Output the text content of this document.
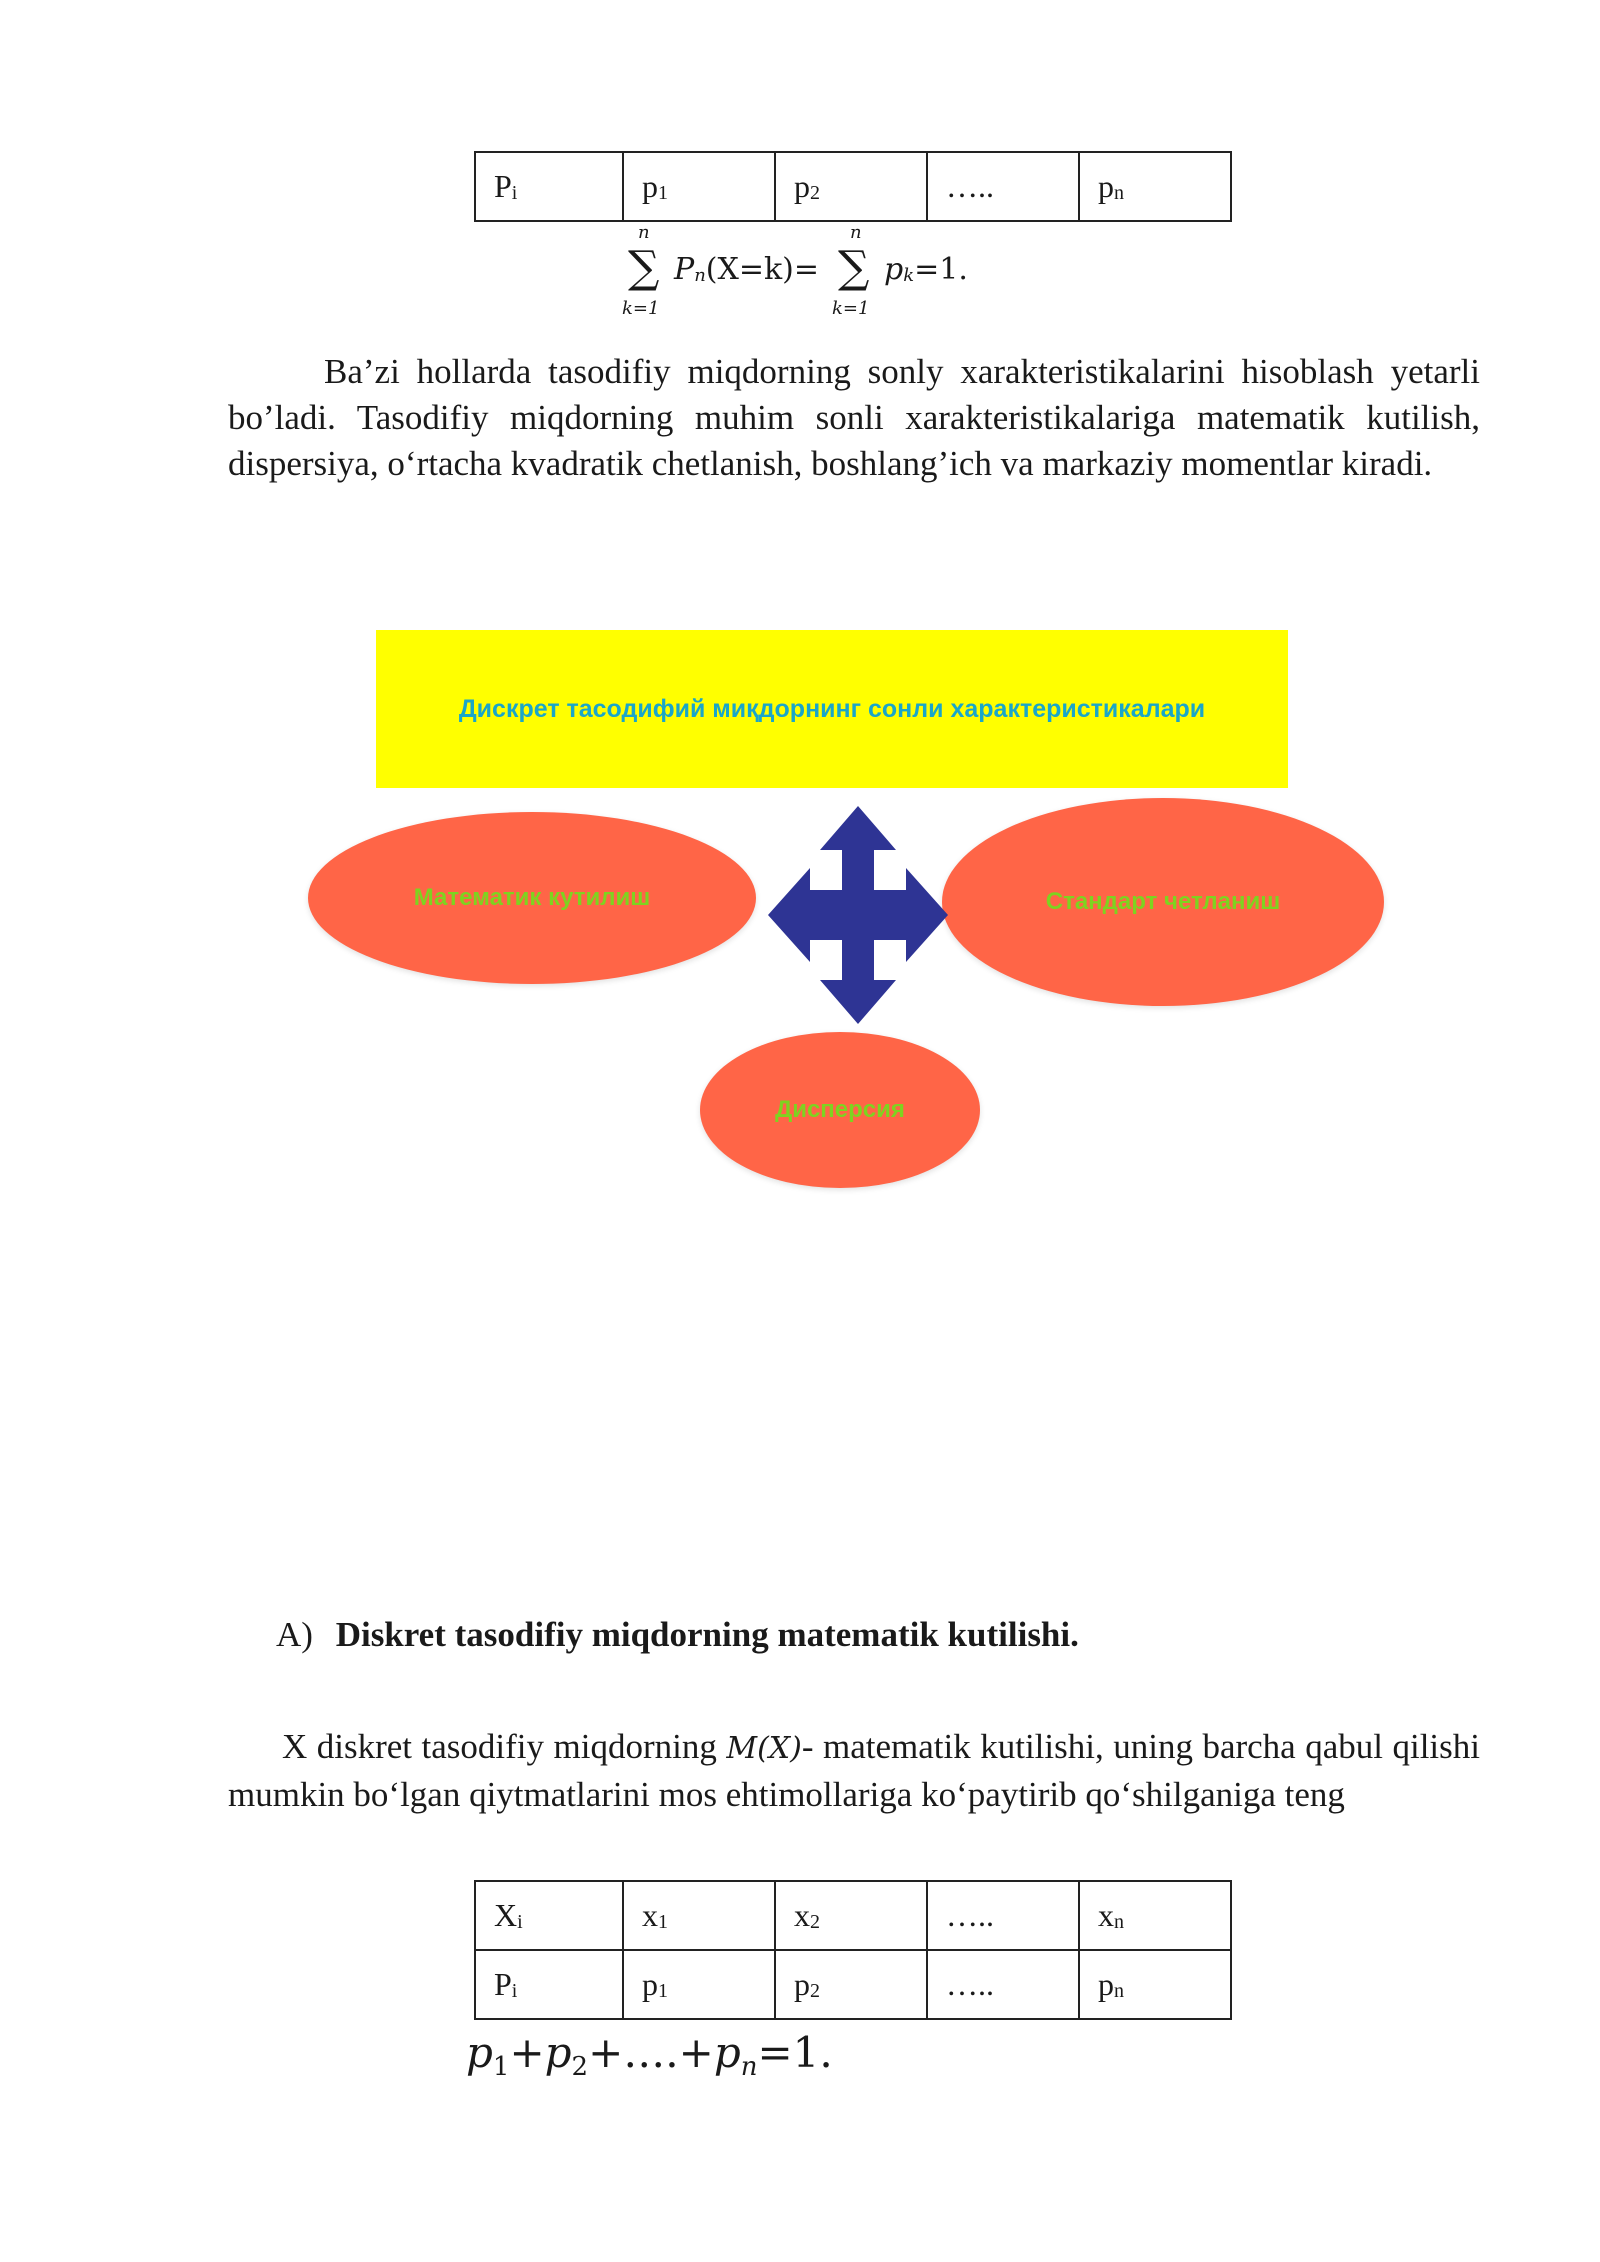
Pi	p1	p2	…..	pn
n
∑
k=1
Pn(X=k)=
n
∑
k=1
pk=1.
Ba’zi hollarda tasodifiy miqdorning sonly xarakteristikalarini hisoblash yetarli bo’ladi. Tasodifiy miqdorning muhim sonli xarakteristikalariga matematik kutilish, dispersiya, o‘rtacha kvadratik chetlanish, boshlang’ich va markaziy momentlar kiradi.
Дискрет тасодифий миқдорнинг сонли характеристикалари
Математик кутилиш	Стандарт четланиш
Дисперсия
A) Diskret tasodifiy miqdorning matematik kutilishi.
X diskret tasodifiy miqdorning M(X)- matematik kutilishi, uning barcha qabul qilishi mumkin bo‘lgan qiytmatlarini mos ehtimollariga ko‘paytirib qo‘shilganiga teng
Xi	x1	x2	…..	xn
Pi	p1	p2	…..	pn
p1+p2+….+pn=1.
